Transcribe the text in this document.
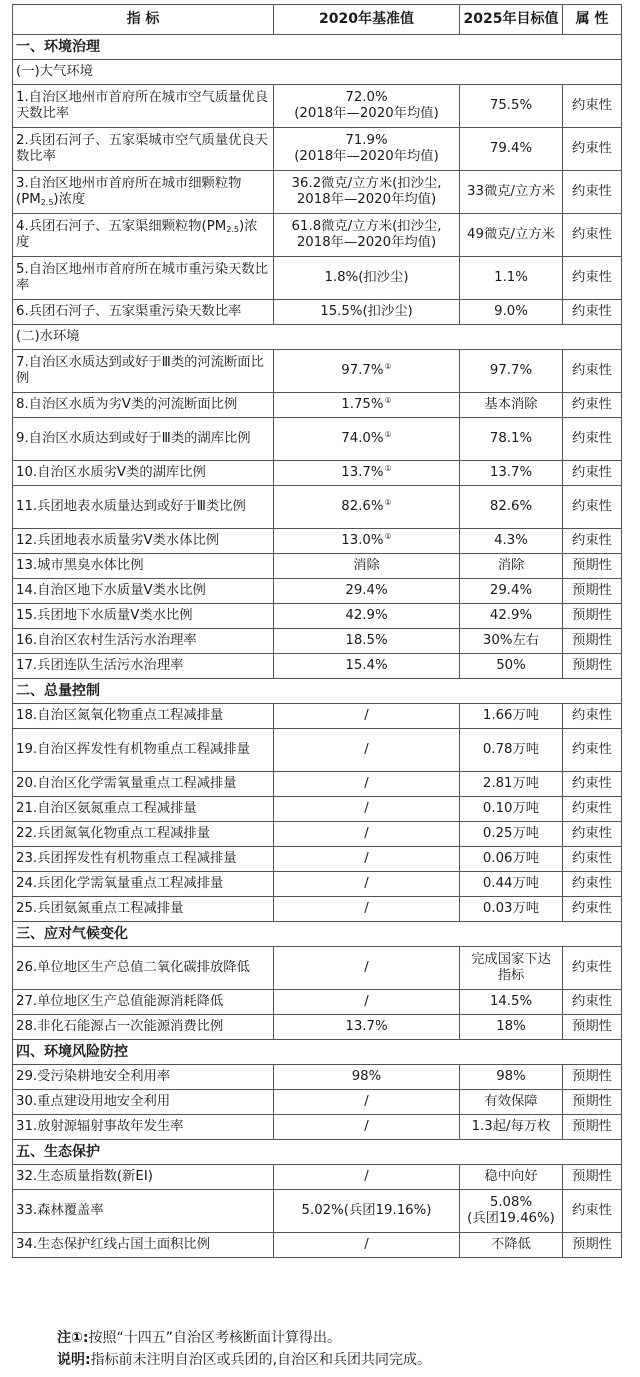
指 标	2020年基准值	2025年目标值	属 性
一、环境治理			
(一)大气环境			
1.自治区地州市首府所在城市空气质量优良天数比率	72.0%
(2018年—2020年均值)	75.5%	约束性
2.兵团石河子、五家渠城市空气质量优良天数比率	71.9%
(2018年—2020年均值)	79.4%	约束性
3.自治区地州市首府所在城市细颗粒物$(PM_{2.5})$浓度	36.2微克/立方米(扣沙尘,
2018年—2020年均值)	33微克/立方米	约束性
4.兵团石河子、五家渠细颗粒物$(PM_{2.5})$浓度	61.8微克/立方米(扣沙尘,
2018年—2020年均值)	49微克/立方米	约束性
5.自治区地州市首府所在城市重污染天数比率	1.8%(扣沙尘)	1.1%	约束性
6.兵团石河子、五家渠重污染天数比率	15.5%(扣沙尘)	9.0%	约束性
(二)水环境			
7.自治区水质达到或好于Ⅲ类的河流断面比例	97.7%①	97.7%	约束性
8.自治区水质为劣Ⅴ类的河流断面比例	1.75%①	基本消除	约束性
9.自治区水质达到或好于Ⅲ类的湖库比例	74.0%①	78.1%	约束性
10.自治区水质劣Ⅴ类的湖库比例	13.7%①	13.7%	约束性
11.兵团地表水质量达到或好于Ⅲ类比例	82.6%①	82.6%	约束性
12.兵团地表水质量劣Ⅴ类水体比例	13.0%①	4.3%	约束性
13.城市黑臭水体比例	消除	消除	预期性
14.自治区地下水质量Ⅴ类水比例	29.4%	29.4%	预期性
15.兵团地下水质量Ⅴ类水比例	42.9%	42.9%	预期性
16.自治区农村生活污水治理率	18.5%	30%左右	预期性
17.兵团连队生活污水治理率	15.4%	50%	预期性
二、总量控制			
18.自治区氮氧化物重点工程减排量	/	1.66万吨	约束性
19.自治区挥发性有机物重点工程减排量	/	0.78万吨	约束性
20.自治区化学需氧量重点工程减排量	/	2.81万吨	约束性
21.自治区氨氮重点工程减排量	/	0.10万吨	约束性
22.兵团氮氧化物重点工程减排量	/	0.25万吨	约束性
23.兵团挥发性有机物重点工程减排量	/	0.06万吨	约束性
24.兵团化学需氧量重点工程减排量	/	0.44万吨	约束性
25.兵团氨氮重点工程减排量	/	0.03万吨	约束性
三、应对气候变化			
26.单位地区生产总值二氧化碳排放降低	/	完成国家下达
指标	约束性
27.单位地区生产总值能源消耗降低	/	14.5%	约束性
28.非化石能源占一次能源消费比例	13.7%	18%	预期性
四、环境风险防控			
29.受污染耕地安全利用率	98%	98%	预期性
30.重点建设用地安全利用	/	有效保障	预期性
31.放射源辐射事故年发生率	/	1.3起/每万枚	预期性
五、生态保护			
32.生态质量指数(新EI)	/	稳中向好	预期性
33.森林覆盖率	5.02%(兵团19.16%)	5.08%
(兵团19.46%)	约束性
34.生态保护红线占国土面积比例	/	不降低	预期性
注①:按照“十四五”自治区考核断面计算得出。
说明:指标前未注明自治区或兵团的,自治区和兵团共同完成。
